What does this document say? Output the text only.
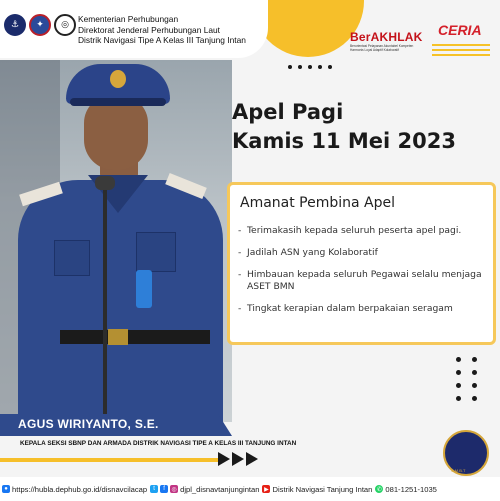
⚓	✦	◎
Kementerian Perhubungan
Direktorat Jenderal Perhubungan Laut
Distrik Navigasi Tipe A Kelas III Tanjung Intan	BerAKHLAK
Berorientasi Pelayanan Akuntabel Kompeten Harmonis Loyal Adaptif Kolaboratif
CERIA
Apel Pagi
Kamis 11 Mei 2023
Amanat Pembina Apel
- Terimakasih kepada seluruh peserta apel pagi.
- Jadilah ASN yang Kolaboratif
- Himbauan kepada seluruh Pegawai selalu menjaga ASET BMN
- Tingkat kerapian dalam berpakaian seragam
AGUS WIRIYANTO, S.E.
KEPALA SEKSI SBNP DAN ARMADA DISTRIK NAVIGASI TIPE A KELAS III TANJUNG INTAN
S.M.B.T
● https://hubla.dephub.go.id/disnavcilacap	t	f	◎ djpl_disnavtanjungintan ▶ Distrik Navigasi Tanjung Intan ✆ 081-1251-1035
